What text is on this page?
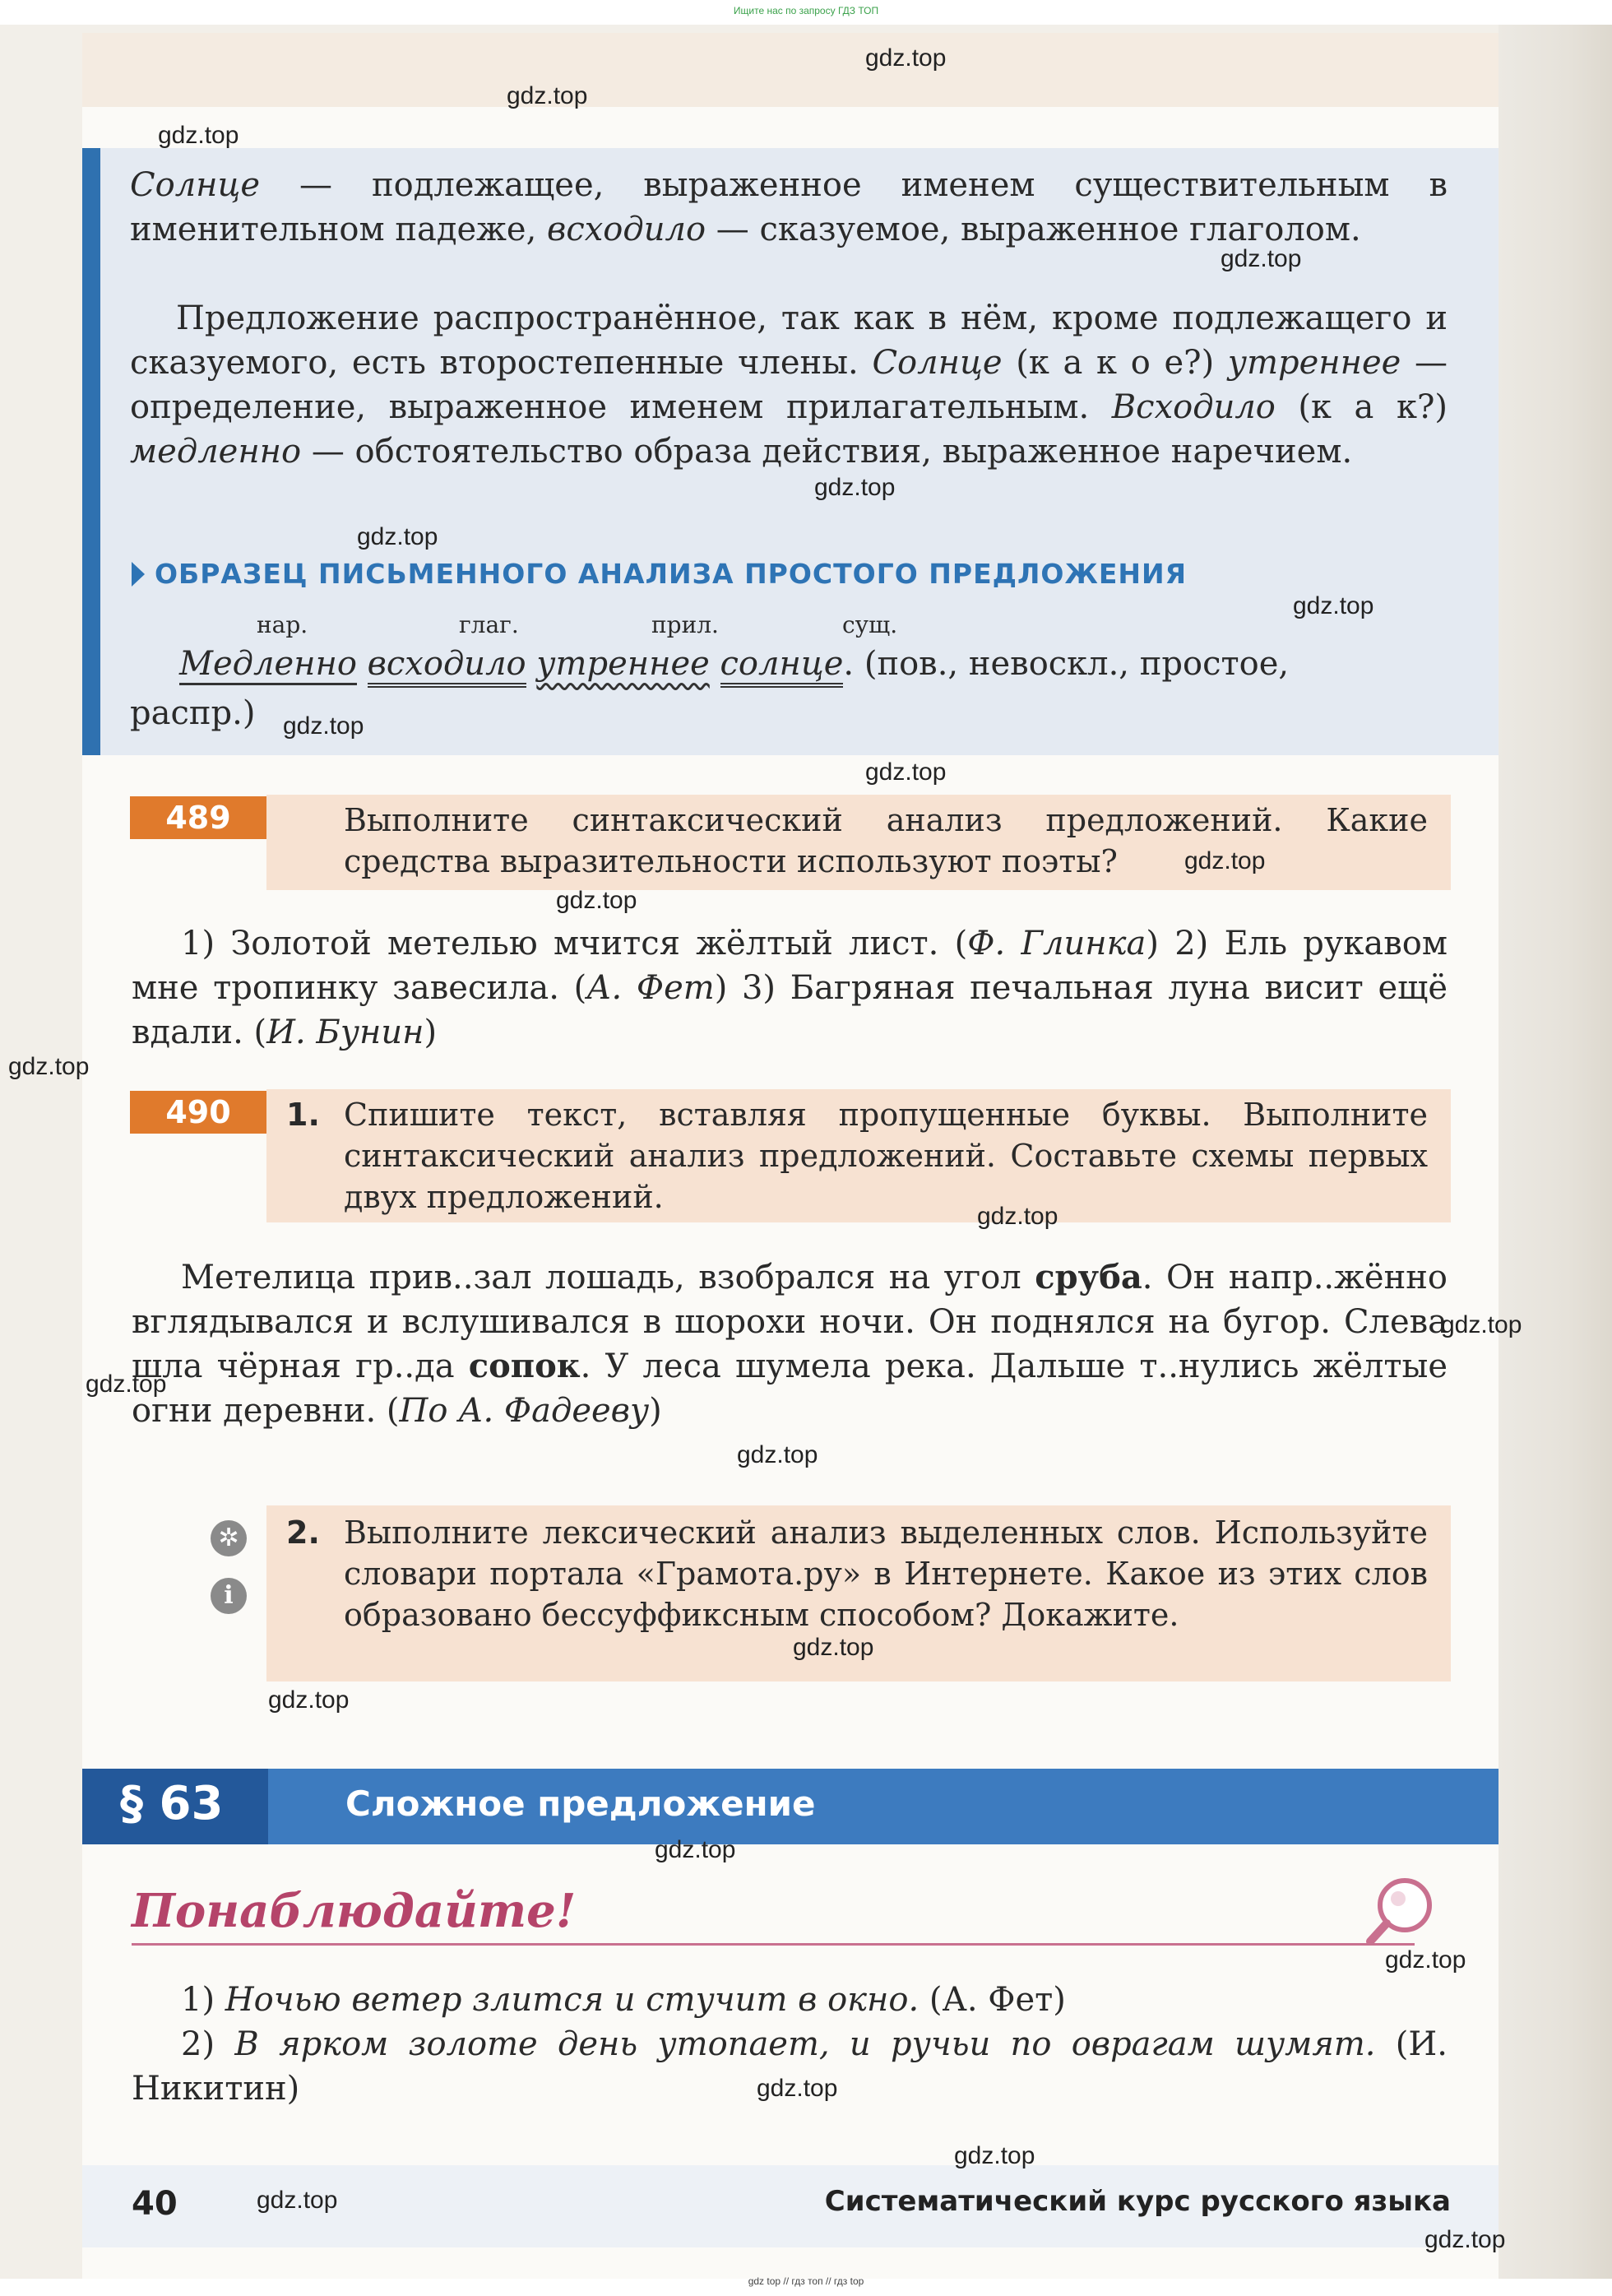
Ищите нас по запросу ГДЗ ТОП
Солнце — подлежащее, выраженное именем существительным в именительном падеже, всходило — сказуемое, выраженное глаголом.
Предложение распространённое, так как в нём, кроме подлежащего и сказуемого, есть второстепенные члены. Солнце (к а к о е?) утреннее — определение, выраженное именем прилагательным. Всходило (к а к?) медленно — обстоятельство образа действия, выраженное наречием.
ОБРАЗЕЦ ПИСЬМЕННОГО АНАЛИЗА ПРОСТОГО ПРЕДЛОЖЕНИЯ
нар.	глаг.	прил.	сущ.
Медленно всходило утреннее солнце. (пов., невоскл., простое,
распр.)
489	Выполните синтаксический анализ предложений. Какие средства выразительности используют поэты?
1) Золотой метелью мчится жёлтый лист. (Ф. Глинка) 2) Ель рукавом мне тропинку завесила. (А. Фет) 3) Багряная печальная луна висит ещё вдали. (И. Бунин)
490	1. Спишите текст, вставляя пропущенные буквы. Выполните синтаксический анализ предложений. Составьте схемы первых двух предложений.
Метелица прив..зал лошадь, взобрался на угол сруба. Он напр..жённо вглядывался и вслушивался в шорохи ночи. Он поднялся на бугор. Слева шла чёрная гр..да сопок. У леса шумела река. Дальше т..нулись жёлтые огни деревни. (По А. Фадееву)
✲
i
2. Выполните лексический анализ выделенных слов. Используйте словари портала «Грамота.ру» в Интернете. Какое из этих слов образовано бессуффиксным способом? Докажите.
§ 63	Сложное предложение
Понаблюдайте!
1) Ночью ветер злится и стучит в окно. (А. Фет)
2) В ярком золоте день утопает, и ручьи по оврагам шумят. (И. Никитин)
40	Систематический курс русского языка
gdz.top
gdz.top
gdz.top
gdz.top
gdz.top
gdz.top
gdz.top
gdz.top
gdz.top
gdz.top
gdz.top
gdz.top
gdz.top
gdz.top
gdz.top
gdz.top
gdz.top
gdz.top
gdz.top
gdz.top
gdz.top
gdz.top
gdz.top
gdz.top
gdz top // гдз топ // гдз top
